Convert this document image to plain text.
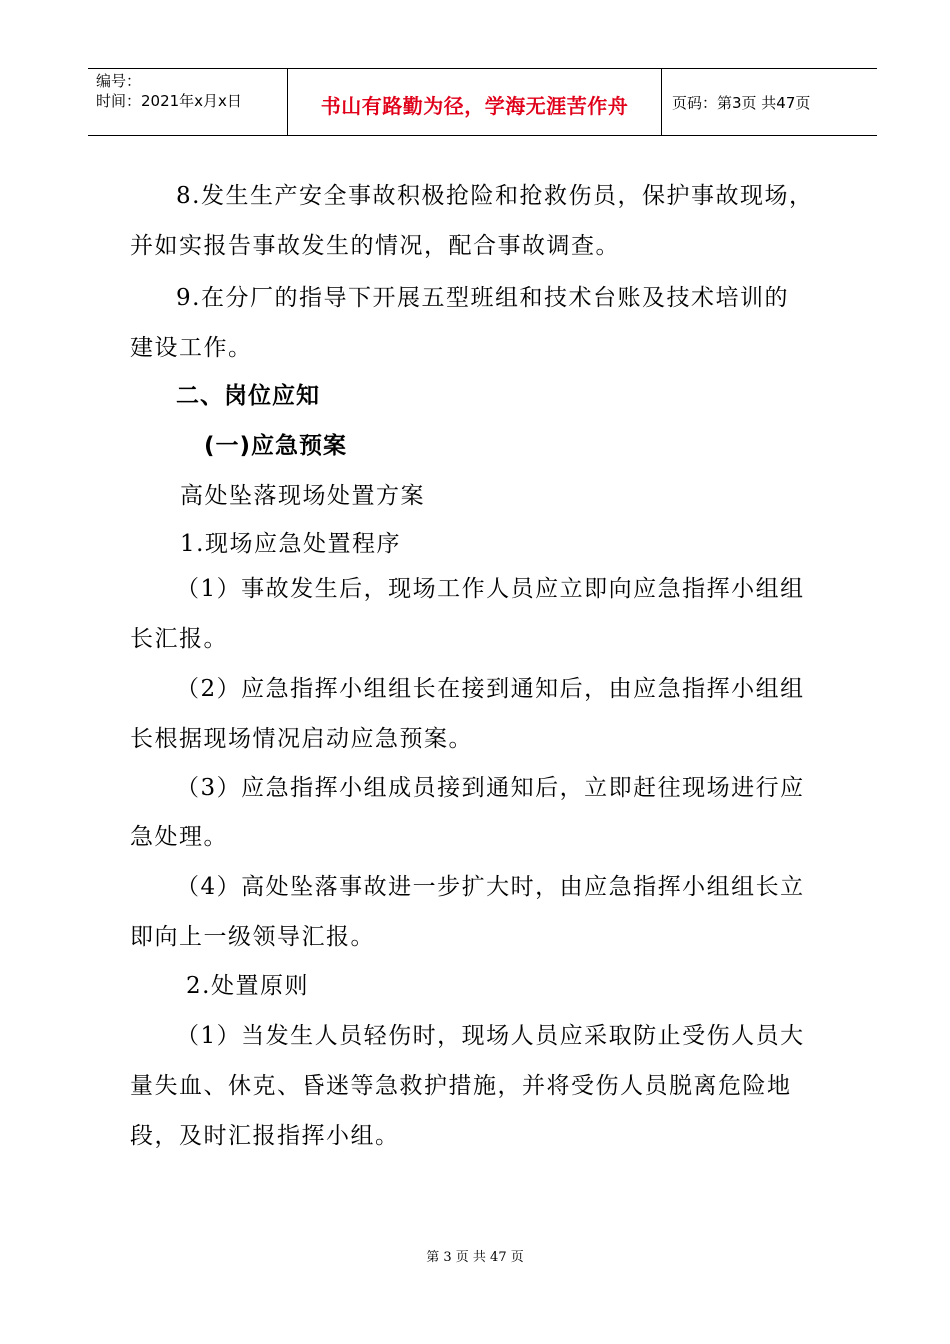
编号：
时间：2021年x月x日	书山有路勤为径，学海无涯苦作舟	页码：第3页 共47页
8.发生生产安全事故积极抢险和抢救伤员，保护事故现场，
并如实报告事故发生的情况，配合事故调查。
9.在分厂的指导下开展五型班组和技术台账及技术培训的
建设工作。
二、岗位应知
(一)应急预案
高处坠落现场处置方案
1.现场应急处置程序
（1）事故发生后，现场工作人员应立即向应急指挥小组组
长汇报。
（2）应急指挥小组组长在接到通知后，由应急指挥小组组
长根据现场情况启动应急预案。
（3）应急指挥小组成员接到通知后，立即赶往现场进行应
急处理。
（4）高处坠落事故进一步扩大时，由应急指挥小组组长立
即向上一级领导汇报。
2.处置原则
（1）当发生人员轻伤时，现场人员应采取防止受伤人员大
量失血、休克、昏迷等急救护措施，并将受伤人员脱离危险地
段，及时汇报指挥小组。
第 3 页 共 47 页
